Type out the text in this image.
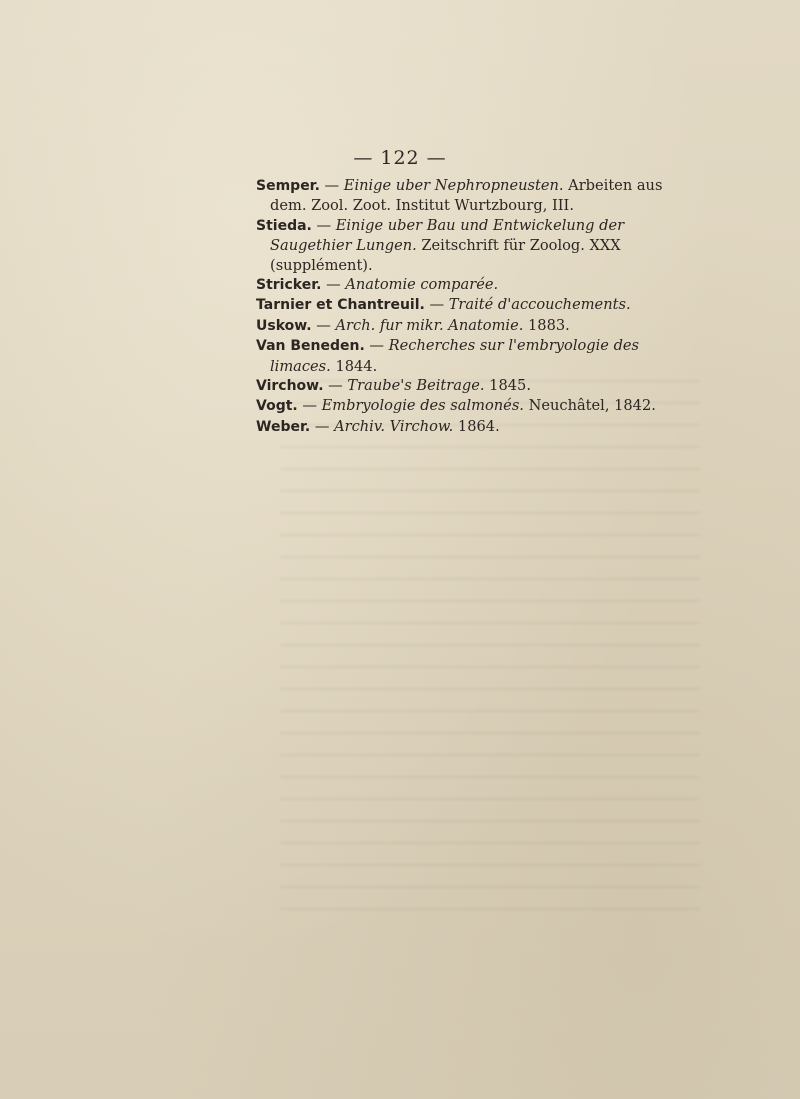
— 122 —

Semper. — Einige uber Nephropneusten. Arbeiten aus dem. Zool. Zoot. Institut Wurtzbourg, III.

Stieda. — Einige uber Bau und Entwickelung der Saugethier Lungen. Zeitschrift für Zoolog. XXX (supplément).

Stricker. — Anatomie comparée.

Tarnier et Chantreuil. — Traité d'accouchements.

Uskow. — Arch. fur mikr. Anatomie. 1883.

Van Beneden. — Recherches sur l'embryologie des limaces. 1844.

Virchow. — Traube's Beitrage. 1845.

Vogt. — Embryologie des salmonés. Neuchâtel, 1842.

Weber. — Archiv. Virchow. 1864.
